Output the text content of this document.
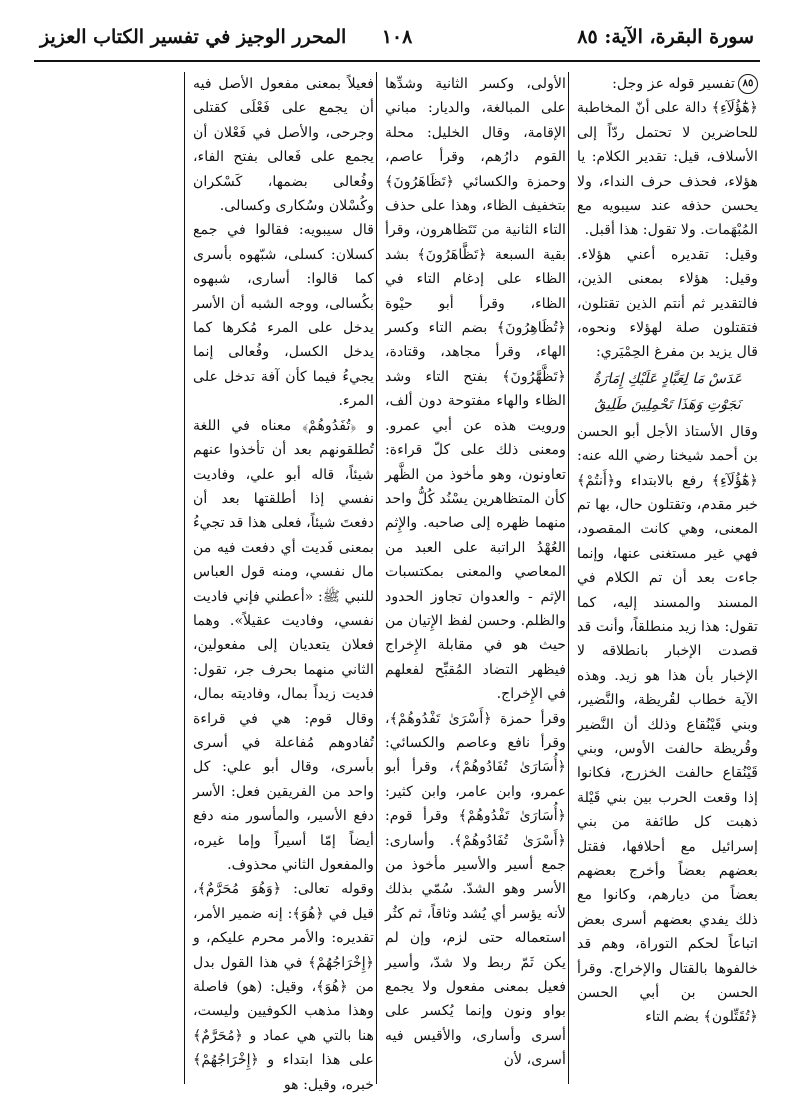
سورة البقرة، الآية: ٨٥
١٠٨
المحرر الوجيز في تفسير الكتاب العزيز

٨٥تفسير قوله عز وجل:

﴿هَٰٓؤُلَآءِ﴾ دالة على أنّ المخاطبة للحاضرين لا تحتمل ردّاً إلى الأسلاف، قيل: تقدير الكلام: يا هؤلاء، فحذف حرف النداء، ولا يحسن حذفه عند سيبويه مع المُبْهَمات. ولا تقول: هذا أقبل.

وقيل: تقديره أعني هؤلاء. وقيل: هؤلاء بمعنى الذين، فالتقدير ثم أنتم الذين تقتلون، فتقتلون صلة لهؤلاء ونحوه، قال يزيد بن مفرغ الحِمْيَري:

عَدَسْ مَا لِعَبَّادٍ عَلَيْكِ إِمَارَةٌ
نَجَوْتِ وَهَذَا تَحْمِلِينَ طَلِيقُ

وقال الأستاذ الأجل أبو الحسن بن أحمد شيخنا رضي الله عنه: ﴿هَٰٓؤُلَآءِ﴾ رفع بالابتداء و﴿أَنتُمْ﴾ خبر مقدم، وتقتلون حال، بها تم المعنى، وهي كانت المقصود، فهي غير مستغنى عنها، وإنما جاءت بعد أن تم الكلام في المسند والمسند إليه، كما تقول: هذا زيد منطلقاً، وأنت قد قصدت الإخبار بانطلاقه لا الإخبار بأن هذا هو زيد. وهذه الآية خطاب لقُريظة، والنَّضير، وبني قَيْنُقاع وذلك أن النَّضير وقُريظة حالفت الأوس، وبني قَيْنُقاع حالفت الخزرج، فكانوا إذا وقعت الحرب بين بني قَيْلة ذهبت كل طائفة من بني إسرائيل مع أحلافها، فقتل بعضهم بعضاً وأخرج بعضهم بعضاً من ديارهم، وكانوا مع ذلك يفدي بعضهم أسرى بعض اتباعاً لحكم التوراة، وهم قد خالفوها بالقتال والإخراج. وقرأ الحسن بن أبي الحسن ﴿تُقَتِّلون﴾ بضم التاء

الأولى، وكسر الثانية وشدِّها على المبالغة، والديار: مباني الإقامة، وقال الخليل: محلة القوم دارُهم، وقرأ عاصم، وحمزة والكسائي ﴿تَظَاهَرُونَ﴾ بتخفيف الظاء، وهذا على حذف التاء الثانية من تَتَظاهرون، وقرأ بقية السبعة ﴿تَظَّاهَرُونَ﴾ بشد الظاء على إدغام التاء في الظاء، وقرأ أبو حيْوة ﴿تُظَاهِرُونَ﴾ بضم التاء وكسر الهاء، وقرأ مجاهد، وقتادة، ﴿تَظَّهَّرُونَ﴾ بفتح التاء وشد الظاء والهاء مفتوحة دون ألف، ورويت هذه عن أبي عمرو. ومعنى ذلك على كلّ قراءة: تعاونون، وهو مأخوذ من الظَّهر كأن المتظاهرين يسْنُد كُلُّ واحد منهما ظهره إلى صاحبه. والإِثم العُهْدُ الراتبة على العبد من المعاصي والمعنى بمكتسبات الإثم - والعدوان تجاوز الحدود والظلم. وحسن لفظ الإِتيان من حيث هو في مقابلة الإِخراج فيظهر التضاد المُقبِّح لفعلهم في الإِخراج.

وقرأ حمزة ﴿أَسْرَىٰ تَفْدُوهُمْ﴾، وقرأ نافع وعاصم والكسائي: ﴿أُسَارَىٰ تُفَادُوهُمْ﴾، وقرأ أبو عمرو، وابن عامر، وابن كثير: ﴿أُسَارَىٰ تَفْدُوهُمْ﴾ وقرأ قوم: ﴿أَسْرَىٰ تُفَادُوهُمْ﴾. وأسارى: جمع أسير والأسير مأخوذ من الأسر وهو الشدّ. سُمّي بذلك لأنه يؤسر أي يُشد وثاقاً، ثم كثُر استعماله حتى لزم، وإن لم يكن ثَمّ ربط ولا شدّ، وأسير فعيل بمعنى مفعول ولا يجمع بواو ونون وإنما يُكسر على أسرى وأسارى، والأقيس فيه أسرى، لأن

فعيلاً بمعنى مفعول الأصل فيه أن يجمع على فَعْلَى كقتلى وجرحى، والأصل في فَعْلان أن يجمع على فَعالى بفتح الفاء، وفُعالى بضمها، كَسْكران وكُسْلان وسُكارى وكسالى.

قال سيبويه: فقالوا في جمع كسلان: كسلى، شبّهوه بأسرى كما قالوا: أسارى، شبهوه بكُسالى، ووجه الشبه أن الأسر يدخل على المرء مُكرها كما يدخل الكسل، وفُعالى إنما يجيءُ فيما كأن آفة تدخل على المرء.

و ﴿تُفَدُوهُمْ﴾ معناه في اللغة تُطلقونهم بعد أن تأخذوا عنهم شيئاً، قاله أبو علي، وفاديت نفسي إذا أطلقتها بعد أن دفعتَ شيئاً، فعلى هذا قد تجيءُ بمعنى فَديت أي دفعت فيه من مال نفسي، ومنه قول العباس للنبي ﷺ: «أعطني فإني فاديت نفسي، وفاديت عقيلاً». وهما فعلان يتعديان إلى مفعولين، الثاني منهما بحرف جر، تقول: فديت زيداً بمال، وفاديته بمال، وقال قوم: هي في قراءة تُفادوهم مُفاعلة في أسرى بأسرى، وقال أبو علي: كل واحد من الفريقين فعل: الأسر دفع الأسير، والمأسور منه دفع أيضاً إمّا أسيراً وإما غيره، والمفعول الثاني محذوف.

وقوله تعالى: ﴿وَهُوَ مُحَرَّمٌ﴾، قيل في ﴿هُوَ﴾: إنه ضمير الأمر، تقديره: والأمر محرم عليكم، و ﴿إِخْرَاجُهُمْ﴾ في هذا القول بدل من ﴿هُوَ﴾، وقيل: (هو) فاصلة وهذا مذهب الكوفيين وليست، هنا بالتي هي عماد و ﴿مُحَرَّمٌ﴾ على هذا ابتداء و ﴿إِخْرَاجُهُمْ﴾ خبره، وقيل: هو
